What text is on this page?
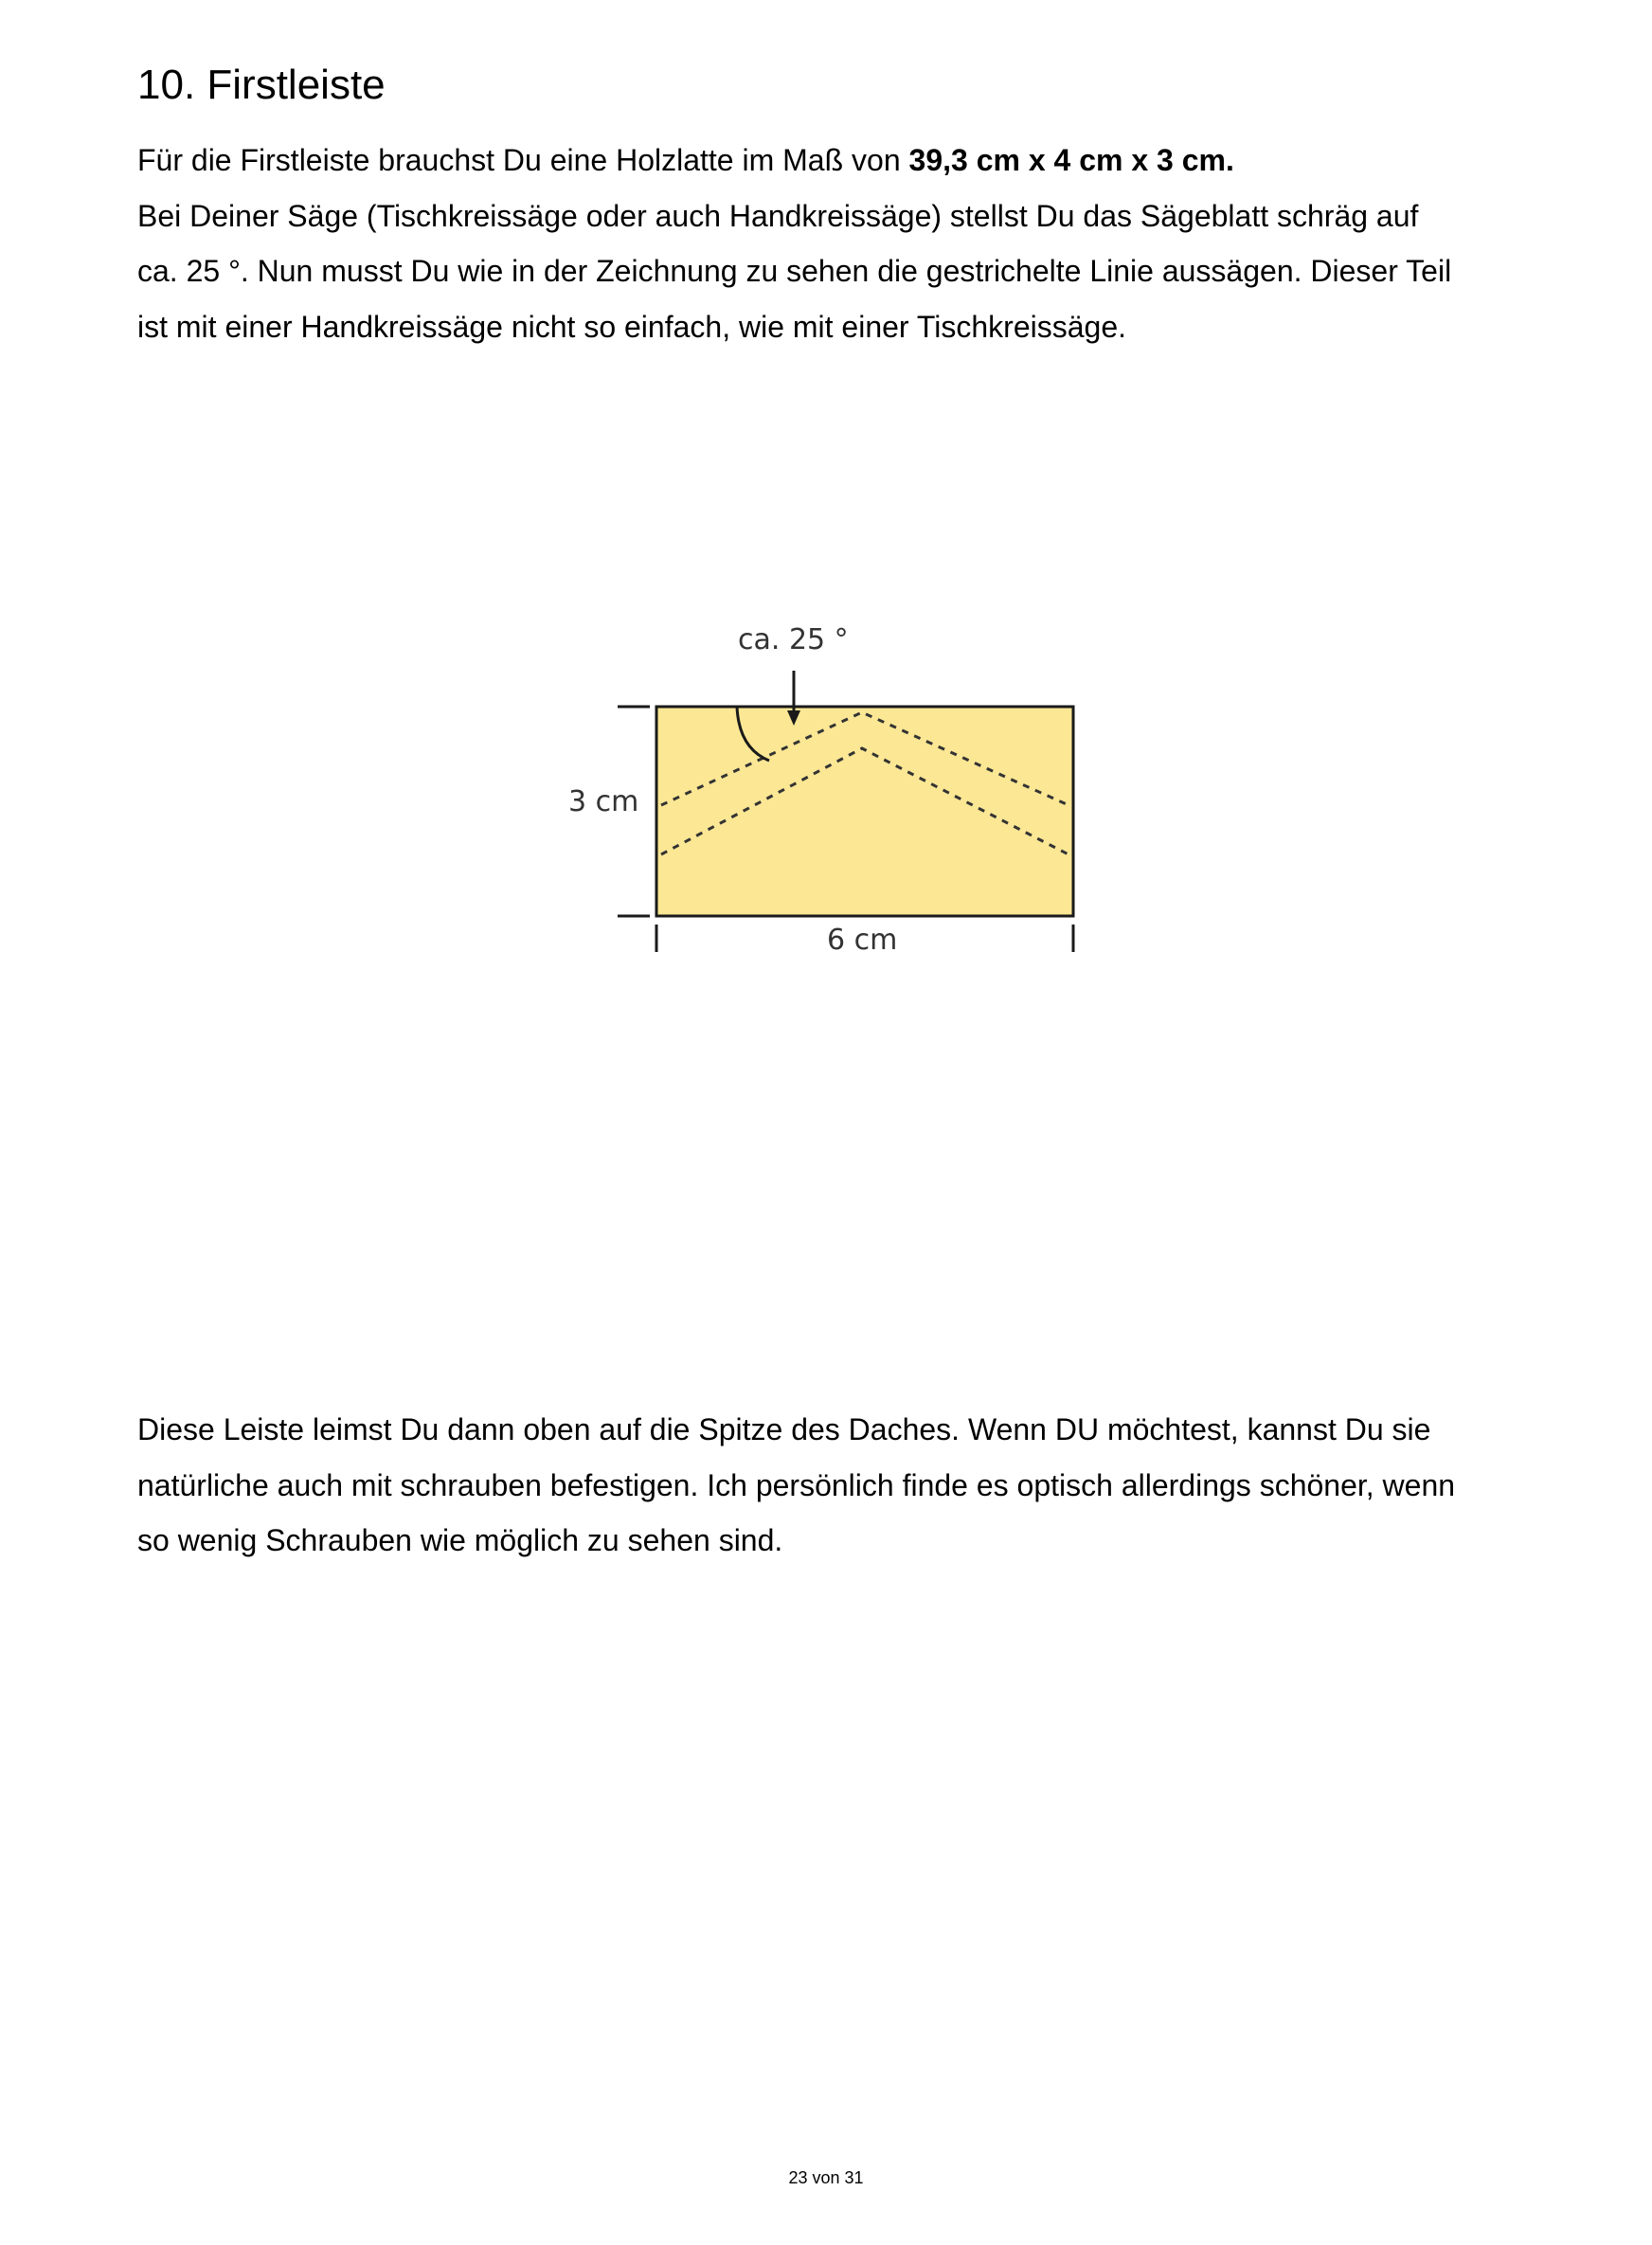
10. Firstleiste
Für die Firstleiste brauchst Du eine Holzlatte im Maß von 39,3 cm x 4 cm x 3 cm.
Bei Deiner Säge (Tischkreissäge oder auch Handkreissäge) stellst Du das Sägeblatt schräg auf
ca. 25 °. Nun musst Du wie in der Zeichnung zu sehen die gestrichelte Linie aussägen. Dieser Teil
ist mit einer Handkreissäge nicht so einfach, wie mit einer Tischkreissäge.
ca. 25 °
3 cm
6 cm
Diese Leiste leimst Du dann oben auf die Spitze des Daches. Wenn DU möchtest, kannst Du sie
natürliche auch mit schrauben befestigen. Ich persönlich finde es optisch allerdings schöner, wenn
so wenig Schrauben wie möglich zu sehen sind.

23 von 31
